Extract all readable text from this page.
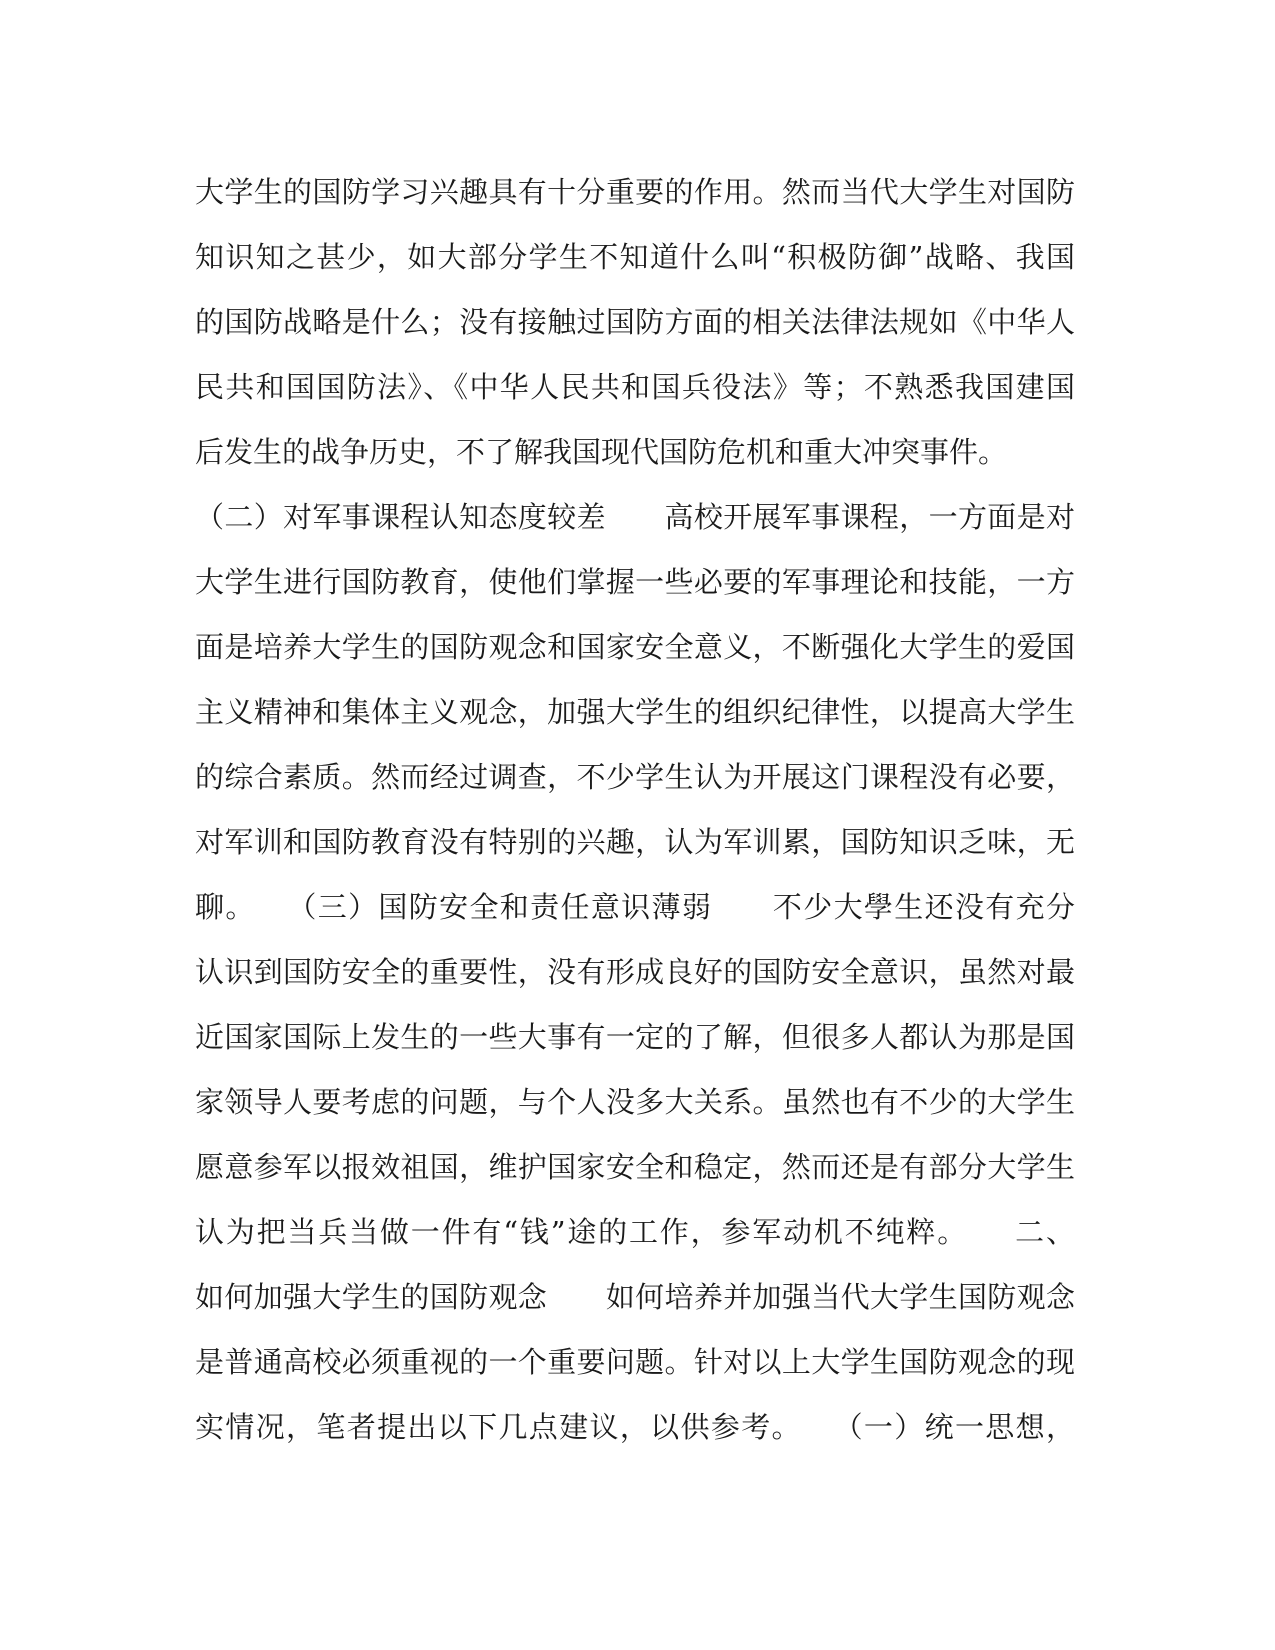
大学生的国防学习兴趣具有十分重要的作用。然而当代大学生对国防
知识知之甚少，如大部分学生不知道什么叫“积极防御”战略、我国
的国防战略是什么；没有接触过国防方面的相关法律法规如《中华人
民共和国国防法》、《中华人民共和国兵役法》等；不熟悉我国建国
后发生的战争历史，不了解我国现代国防危机和重大冲突事件。
（二）对军事课程认知态度较差　　高校开展军事课程，一方面是对
大学生进行国防教育，使他们掌握一些必要的军事理论和技能，一方
面是培养大学生的国防观念和国家安全意义，不断强化大学生的爱国
主义精神和集体主义观念，加强大学生的组织纪律性，以提高大学生
的综合素质。然而经过调查，不少学生认为开展这门课程没有必要，
对军训和国防教育没有特别的兴趣，认为军训累，国防知识乏味，无
聊。　　（三）国防安全和责任意识薄弱　　不少大學生还没有充分
认识到国防安全的重要性，没有形成良好的国防安全意识，虽然对最
近国家国际上发生的一些大事有一定的了解，但很多人都认为那是国
家领导人要考虑的问题，与个人没多大关系。虽然也有不少的大学生
愿意参军以报效祖国，维护国家安全和稳定，然而还是有部分大学生
认为把当兵当做一件有“钱”途的工作，参军动机不纯粹。　　二、
如何加强大学生的国防观念　　如何培养并加强当代大学生国防观念
是普通高校必须重视的一个重要问题。针对以上大学生国防观念的现
实情况，笔者提出以下几点建议，以供参考。　　（一）统一思想，
